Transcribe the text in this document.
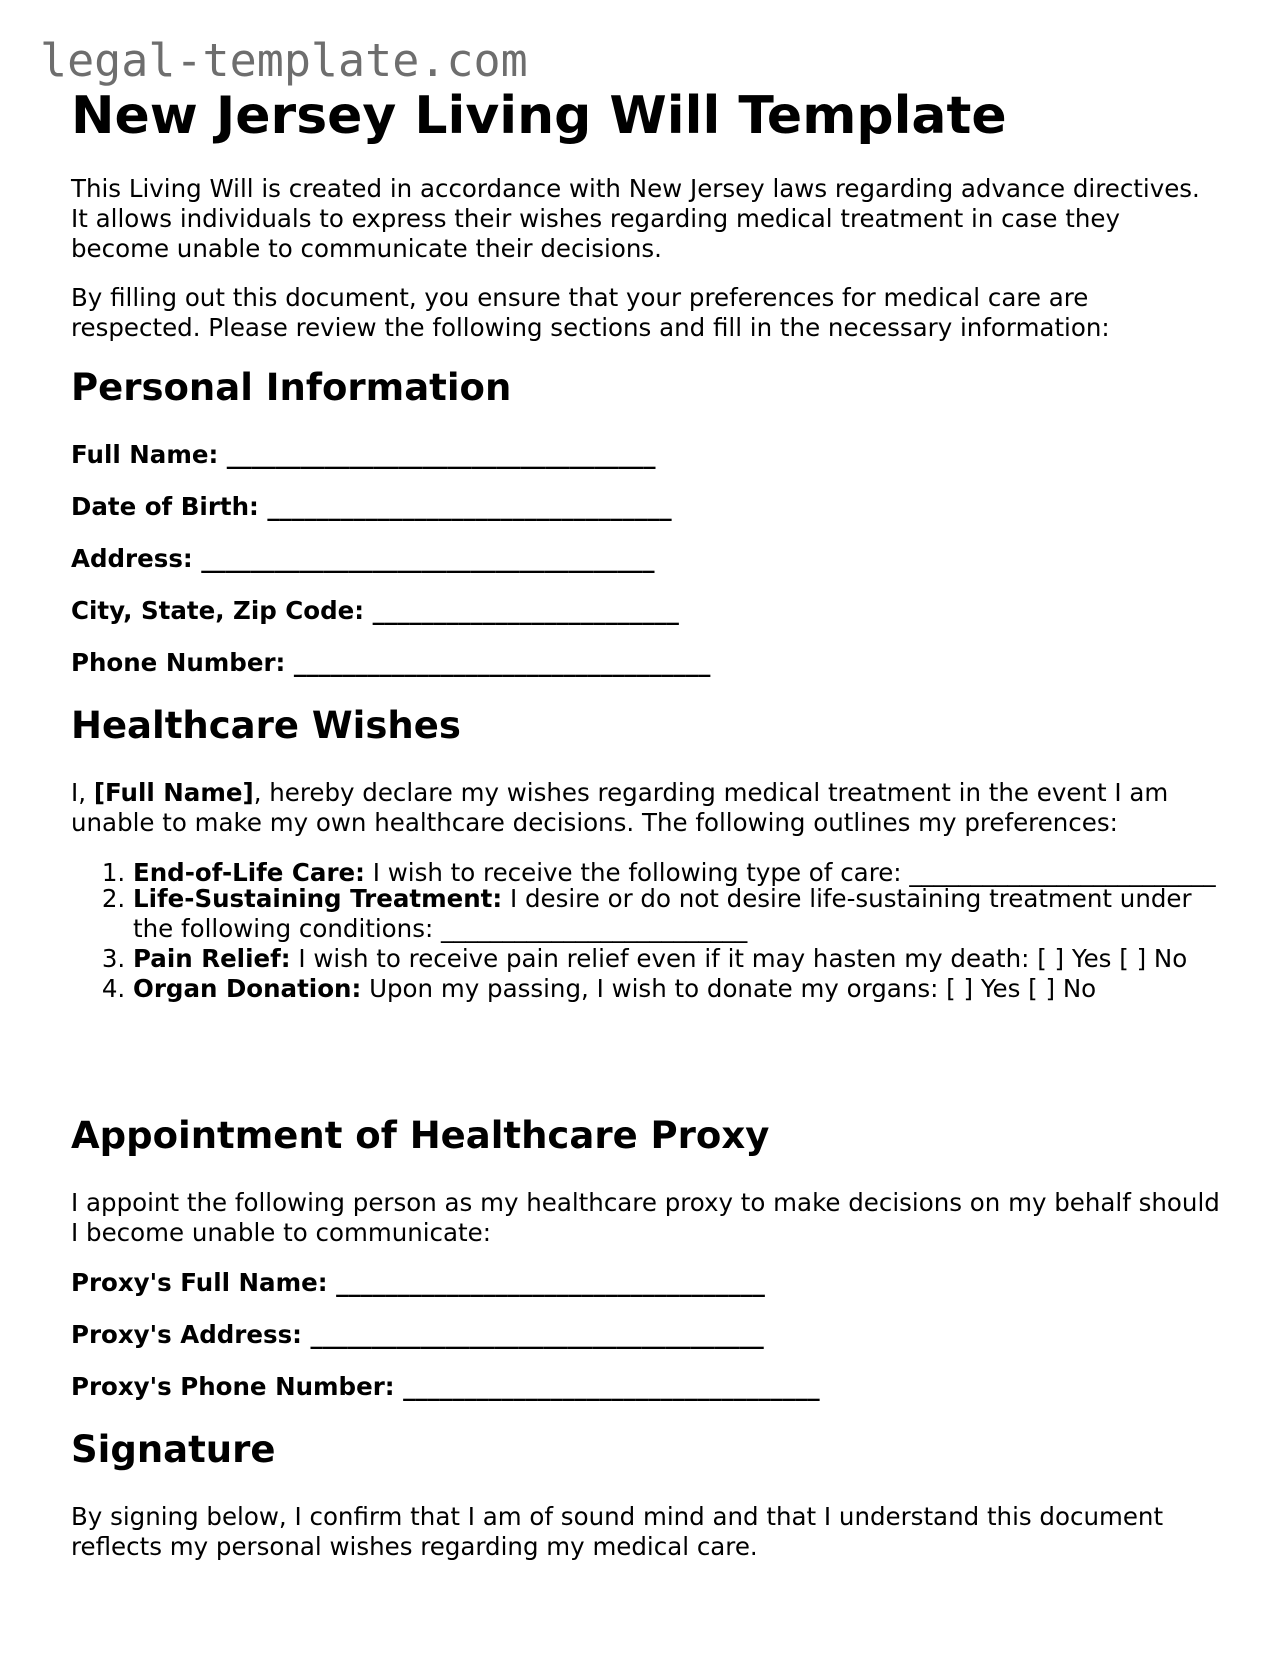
legal-template.com
New Jersey Living Will Template

This Living Will is created in accordance with New Jersey laws regarding advance directives. It allows individuals to express their wishes regarding medical treatment in case they become unable to communicate their decisions.

By filling out this document, you ensure that your preferences for medical care are respected. Please review the following sections and fill in the necessary information:

Personal Information
Full Name: ___________________________________
Date of Birth: _________________________________
Address: _____________________________________
City, State, Zip Code: _________________________
Phone Number: __________________________________
Healthcare Wishes

I, [Full Name], hereby declare my wishes regarding medical treatment in the event I am unable to make my own healthcare decisions. The following outlines my preferences:

1. End-of-Life Care: I wish to receive the following type of care: _________________________
2. Life-Sustaining Treatment: I desire or do not desire life-sustaining treatment under the following conditions: _________________________
3. Pain Relief: I wish to receive pain relief even if it may hasten my death: [ ] Yes [ ] No
4. Organ Donation: Upon my passing, I wish to donate my organs: [ ] Yes [ ] No
Appointment of Healthcare Proxy

I appoint the following person as my healthcare proxy to make decisions on my behalf should I become unable to communicate:

Proxy's Full Name: ___________________________________
Proxy's Address: _____________________________________
Proxy's Phone Number: __________________________________
Signature

By signing below, I confirm that I am of sound mind and that I understand this document reflects my personal wishes regarding my medical care.
